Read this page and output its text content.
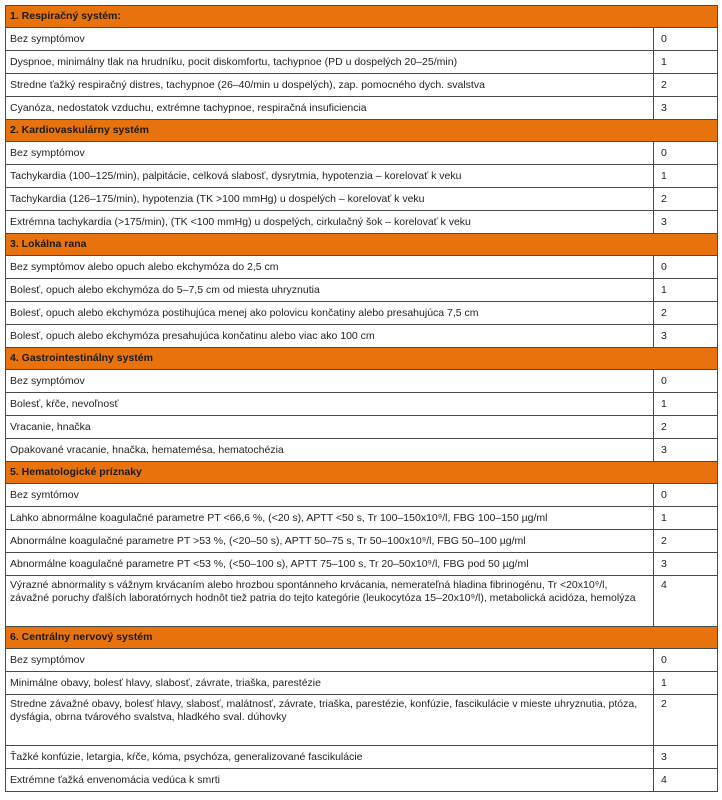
1. Respiračný systém:	
Bez symptómov	0
Dyspnoe, minimálny tlak na hrudníku, pocit diskomfortu, tachypnoe (PD u dospelých 20–25/min)	1
Stredne ťažký respiračný distres, tachypnoe (26–40/min u dospelých), zap. pomocného dych. svalstva	2
Cyanóza, nedostatok vzduchu, extrémne tachypnoe, respiračná insuficiencia	3
2. Kardiovaskulárny systém	
Bez symptómov	0
Tachykardia (100–125/min), palpitácie, celková slabosť, dysrytmia, hypotenzia – korelovať k veku	1
Tachykardia (126–175/min), hypotenzia (TK >100 mmHg) u dospelých – korelovať k veku	2
Extrémna tachykardia (>175/min), (TK <100 mmHg) u dospelých, cirkulačný šok – korelovať k veku	3
3. Lokálna rana	
Bez symptómov alebo opuch alebo ekchymóza do 2,5 cm	0
Bolesť, opuch alebo ekchymóza do 5–7,5 cm od miesta uhryznutia	1
Bolesť, opuch alebo ekchymóza postihujúca menej ako polovicu končatiny alebo presahujúca 7,5 cm	2
Bolesť, opuch alebo ekchymóza presahujúca končatinu alebo viac ako 100 cm	3
4. Gastrointestinálny systém	
Bez symptómov	0
Bolesť, kŕče, nevoľnosť	1
Vracanie, hnačka	2
Opakované vracanie, hnačka, hematemésa, hematochézia	3
5. Hematologické príznaky	
Bez symtómov	0
Lahko abnormálne koagulačné parametre PT <66,6 %, (<20 s), APTT <50 s, Tr 100–150x10⁹/l, FBG 100–150 µg/ml	1
Abnormálne koagulačné parametre PT >53 %, (<20–50 s), APTT 50–75 s, Tr 50–100x10⁹/l, FBG 50–100 µg/ml	2
Abnormálne koagulačné parametre PT <53 %, (<50–100 s), APTT 75–100 s, Tr 20–50x10⁹/l, FBG pod 50 µg/ml	3
Výrazné abnormality s vážnym krvácaním alebo hrozbou spontánneho krvácania, nemerateľná hladina fibrinogénu, Tr <20x10⁹/l, závažné poruchy ďalších laboratórnych hodnôt tiež patria do tejto kategórie (leukocytóza 15–20x10⁹/l), metabolická acidóza, hemolýza	4
6. Centrálny nervový systém	
Bez symptómov	0
Minimálne obavy, bolesť hlavy, slabosť, závrate, triaška, parestézie	1
Stredne závažné obavy, bolesť hlavy, slabosť, malátnosť, závrate, triaška, parestézie, konfúzie, fascikulácie v mieste uhryznutia, ptóza, dysfágia, obrna tvárového svalstva, hladkého sval. dúhovky	2
Ťažké konfúzie, letargia, kŕče, kóma, psychóza, generalizované fascikulácie	3
Extrémne ťažká envenomácia vedúca k smrti	4
